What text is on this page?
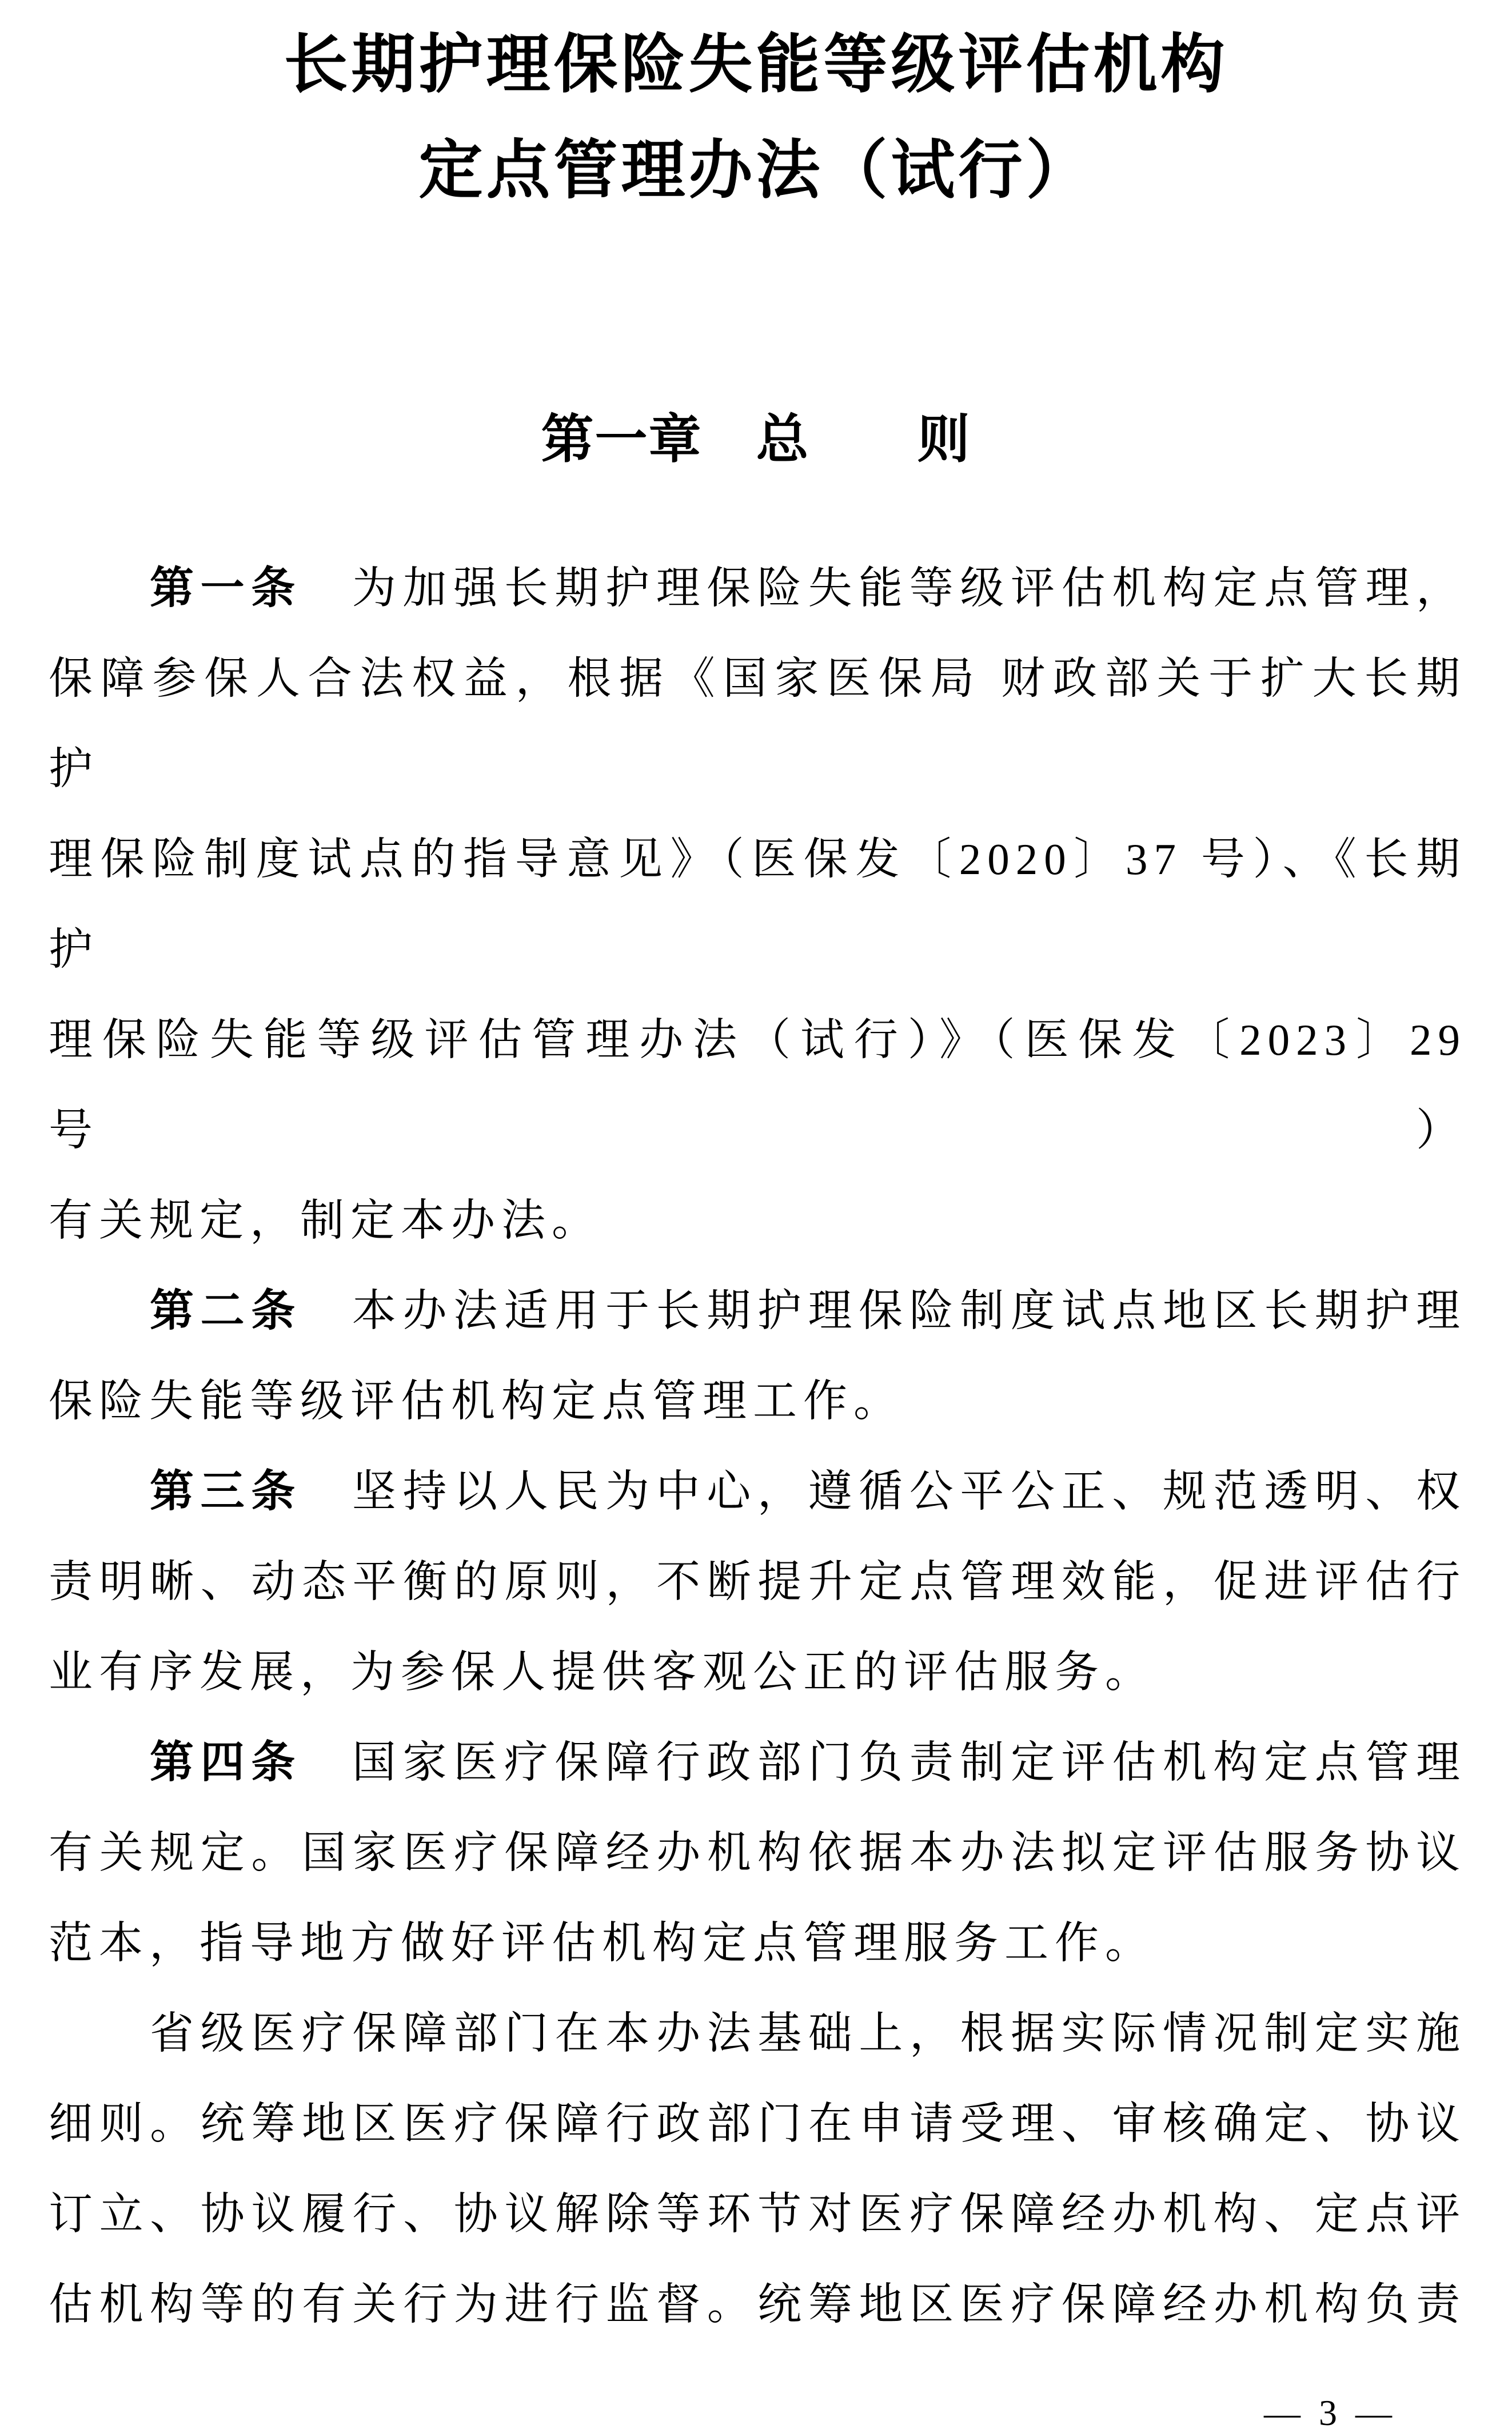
长期护理保险失能等级评估机构
定点管理办法（试行）
第一章　总　　则
第一条 为加强长期护理保险失能等级评估机构定点管理，
保障参保人合法权益，根据《国家医保局 财政部关于扩大长期护
理保险制度试点的指导意见》（医保发〔2020〕37 号）、《长期护
理保险失能等级评估管理办法（试行）》（医保发〔2023〕29 号）
有关规定，制定本办法。
第二条 本办法适用于长期护理保险制度试点地区长期护理
保险失能等级评估机构定点管理工作。
第三条 坚持以人民为中心，遵循公平公正、规范透明、权
责明晰、动态平衡的原则，不断提升定点管理效能，促进评估行
业有序发展，为参保人提供客观公正的评估服务。
第四条 国家医疗保障行政部门负责制定评估机构定点管理
有关规定。国家医疗保障经办机构依据本办法拟定评估服务协议
范本，指导地方做好评估机构定点管理服务工作。
省级医疗保障部门在本办法基础上，根据实际情况制定实施
细则。统筹地区医疗保障行政部门在申请受理、审核确定、协议
订立、协议履行、协议解除等环节对医疗保障经办机构、定点评
估机构等的有关行为进行监督。统筹地区医疗保障经办机构负责
— 3 —
